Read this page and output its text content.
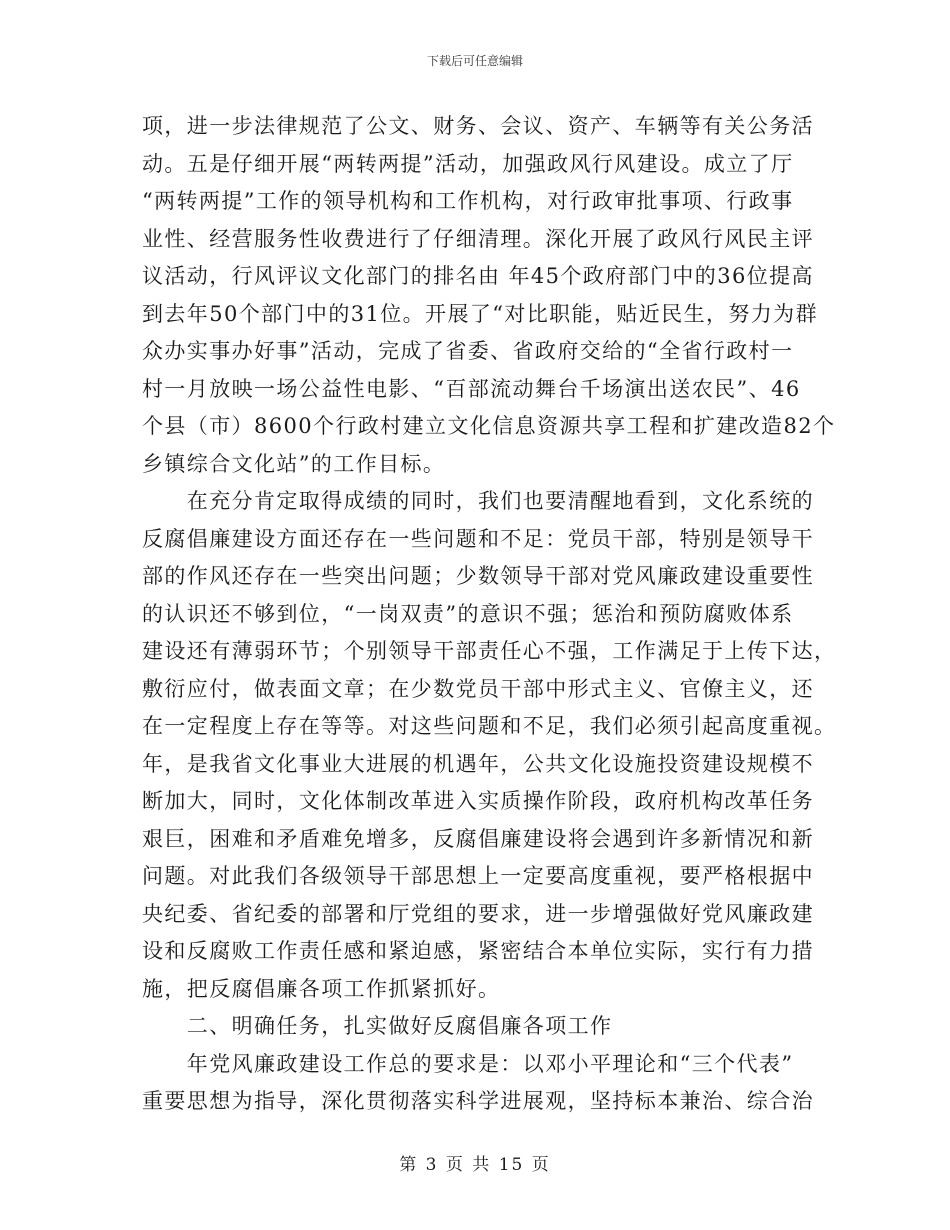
下载后可任意编辑
项，进一步法律规范了公文、财务、会议、资产、车辆等有关公务活
动。五是仔细开展“两转两提”活动，加强政风行风建设。成立了厅
“两转两提”工作的领导机构和工作机构，对行政审批事项、行政事
业性、经营服务性收费进行了仔细清理。深化开展了政风行风民主评
议活动，行风评议文化部门的排名由 年45个政府部门中的36位提高
到去年50个部门中的31位。开展了“对比职能，贴近民生，努力为群
众办实事办好事”活动，完成了省委、省政府交给的“全省行政村一
村一月放映一场公益性电影、“百部流动舞台千场演出送农民”、46
个县（市）8600个行政村建立文化信息资源共享工程和扩建改造82个
乡镇综合文化站”的工作目标。
　　在充分肯定取得成绩的同时，我们也要清醒地看到，文化系统的
反腐倡廉建设方面还存在一些问题和不足：党员干部，特别是领导干
部的作风还存在一些突出问题；少数领导干部对党风廉政建设重要性
的认识还不够到位，“一岗双责”的意识不强；惩治和预防腐败体系
建设还有薄弱环节；个别领导干部责任心不强，工作满足于上传下达，
敷衍应付，做表面文章；在少数党员干部中形式主义、官僚主义，还
在一定程度上存在等等。对这些问题和不足，我们必须引起高度重视。
年，是我省文化事业大进展的机遇年，公共文化设施投资建设规模不
断加大，同时，文化体制改革进入实质操作阶段，政府机构改革任务
艰巨，困难和矛盾难免增多，反腐倡廉建设将会遇到许多新情况和新
问题。对此我们各级领导干部思想上一定要高度重视，要严格根据中
央纪委、省纪委的部署和厅党组的要求，进一步增强做好党风廉政建
设和反腐败工作责任感和紧迫感，紧密结合本单位实际，实行有力措
施，把反腐倡廉各项工作抓紧抓好。
　　二、明确任务，扎实做好反腐倡廉各项工作
　　年党风廉政建设工作总的要求是：以邓小平理论和“三个代表”
重要思想为指导，深化贯彻落实科学进展观，坚持标本兼治、综合治
第 3 页 共 15 页
